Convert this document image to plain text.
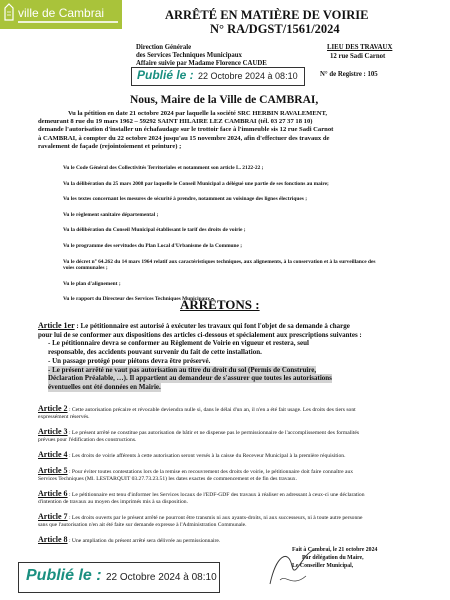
ville de Cambrai	ARRÊTÉ EN MATIÈRE DE VOIRIE
N° RA/DGST/1561/2024
Direction Générale
des Services Techniques Municipaux
Affaire suivie par Madame Florence CAUDE
LIEU DES TRAVAUX
12 rue Sadi Carnot
N° de Registre : 105
Publié le : 22 Octobre 2024 à 08:10
Nous, Maire de la Ville de CAMBRAI,
Vu la pétition en date 21 octobre 2024 par laquelle la société SRC HERBIN RAVALEMENT,
demeurant 8 rue du 19 mars 1962 – 59292 SAINT HILAIRE LEZ CAMBRAI (tél. 03 27 37 18 10)
demande l'autorisation d'installer un échafaudage sur le trottoir face à l'immeuble sis 12 rue Sadi Carnot
à CAMBRAI, à compter du 22 octobre 2024 jusqu'au 15 novembre 2024, afin d'effectuer des travaux de
ravalement de façade (rejointoiement et peinture) ;
Vu le Code Général des Collectivités Territoriales et notamment son article L. 2122-22 ;
Vu la délibération du 25 mars 2008 par laquelle le Conseil Municipal a délégué une partie de ses fonctions au maire;
Vu les textes concernant les mesures de sécurité à prendre, notamment au voisinage des lignes électriques ;
Vu le règlement sanitaire départemental ;
Vu la délibération du Conseil Municipal établissant le tarif des droits de voirie ;
Vu le programme des servitudes du Plan Local d'Urbanisme de la Commune ;
Vu le décret n° 64.262 du 14 mars 1964 relatif aux caractéristiques techniques, aux alignements, à la conservation et à la surveillance des
voies communales ;
Vu le plan d'alignement ;
Vu le rapport du Directeur des Services Techniques Municipaux
ARRÊTONS :
Article 1er : Le pétitionnaire est autorisé à exécuter les travaux qui font l'objet de sa demande à charge
pour lui de se conformer aux dispositions des articles ci-dessous et spécialement aux prescriptions suivantes :
- Le pétitionnaire devra se conformer au Règlement de Voirie en vigueur et restera, seul
responsable, des accidents pouvant survenir du fait de cette installation.
- Un passage protégé pour piétons devra être préservé.
- Le présent arrêté ne vaut pas autorisation au titre du droit du sol (Permis de Construire, Déclaration Préalable, …). Il appartient au demandeur de s'assurer que toutes les autorisations éventuelles ont été données en Mairie.
Article 2 : Cette autorisation précaire et révocable deviendra nulle si, dans le délai d'un an, il n'en a été fait usage. Les droits des tiers sont
expressément réservés.
Article 3 : Le présent arrêté ne constitue pas autorisation de bâtir et ne dispense pas le permissionnaire de l'accomplissement des formalités
prévues pour l'édification des constructions.
Article 4 : Les droits de voirie afférents à cette autorisation seront versés à la caisse du Receveur Municipal à la première réquisition.
Article 5 : Pour éviter toutes contestations lors de la remise en recouvrement des droits de voirie, le pétitionnaire doit faire connaître aux
Services Techniques (Ml. LESTARQUIT 03.27.73.23.51) les dates exactes de commencement et de fin des travaux.
Article 6 : Le pétitionnaire est tenu d'informer les Services locaux de l'EDF-GDF des travaux à réaliser en adressant à ceux-ci une déclaration
d'intention de travaux au moyen des imprimés mis à sa disposition.
Article 7 : Les droits ouverts par le présent arrêté ne pourront être transmis ni aux ayants-droits, ni aux successeurs, ni à toute autre personne
sans que l'autorisation n'en ait été faite sur demande expresse à l'Administration Communale.
Article 8 : Une ampliation du présent arrêté sera délivrée au permissionnaire.
Fait à Cambrai, le 21 octobre 2024
Par délégation du Maire,
Le Conseiller Municipal,
Publié le : 22 Octobre 2024 à 08:10
